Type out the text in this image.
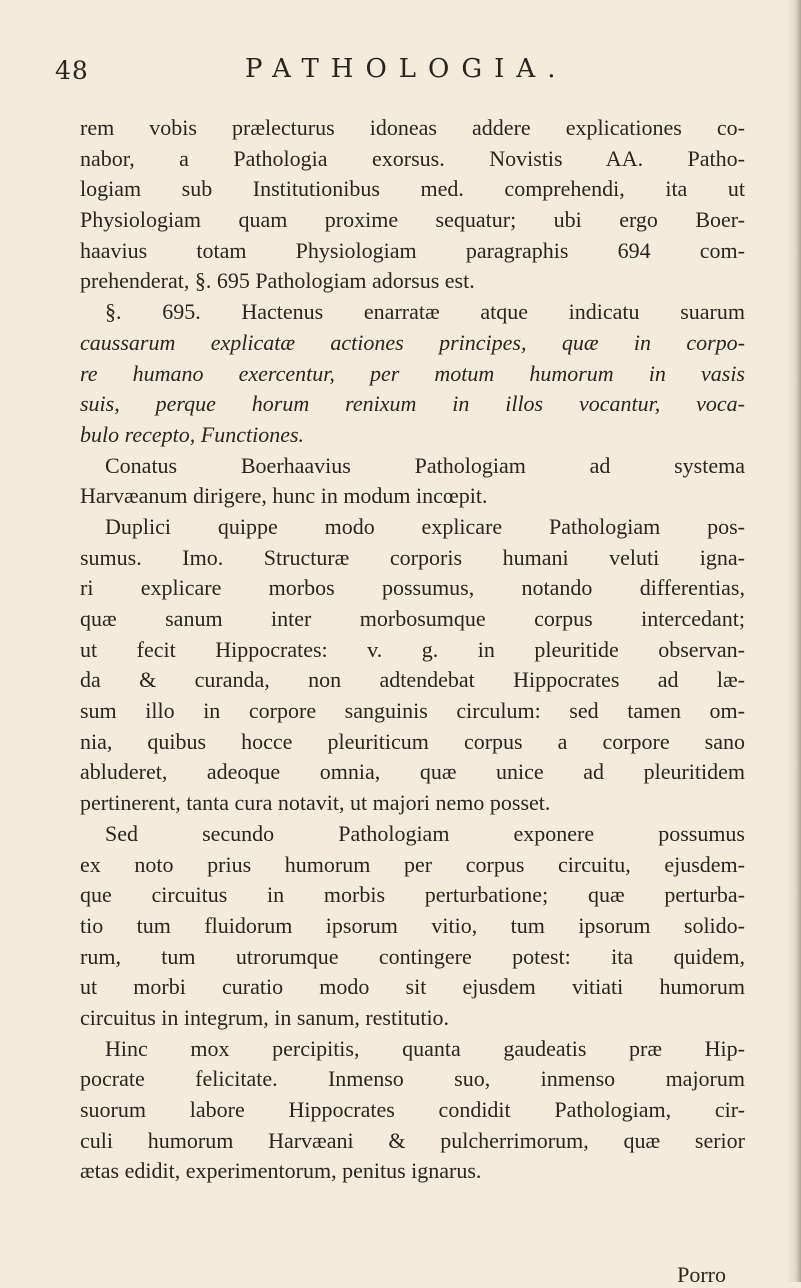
48	PATHOLOGIA.
rem vobis prælecturus idoneas addere explicationes co-
nabor, a Pathologia exorsus. Novistis AA. Patho-
logiam sub Institutionibus med. comprehendi, ita ut
Physiologiam quam proxime sequatur; ubi ergo Boer-
haavius totam Physiologiam paragraphis 694 com-
prehenderat, §. 695 Pathologiam adorsus est.
§. 695. Hactenus enarratæ atque indicatu suarum
caussarum explicatæ actiones principes, quæ in corpo-
re humano exercentur, per motum humorum in vasis
suis, perque horum renixum in illos vocantur, voca-
bulo recepto, Functiones.
Conatus Boerhaavius Pathologiam ad systema
Harvæanum dirigere, hunc in modum incœpit.
Duplici quippe modo explicare Pathologiam pos-
sumus. Imo. Structuræ corporis humani veluti igna-
ri explicare morbos possumus, notando differentias,
quæ sanum inter morbosumque corpus intercedant;
ut fecit Hippocrates: v. g. in pleuritide observan-
da & curanda, non adtendebat Hippocrates ad læ-
sum illo in corpore sanguinis circulum: sed tamen om-
nia, quibus hocce pleuriticum corpus a corpore sano
abluderet, adeoque omnia, quæ unice ad pleuritidem
pertinerent, tanta cura notavit, ut majori nemo posset.
Sed secundo Pathologiam exponere possumus
ex noto prius humorum per corpus circuitu, ejusdem-
que circuitus in morbis perturbatione; quæ perturba-
tio tum fluidorum ipsorum vitio, tum ipsorum solido-
rum, tum utrorumque contingere potest: ita quidem,
ut morbi curatio modo sit ejusdem vitiati humorum
circuitus in integrum, in sanum, restitutio.
Hinc mox percipitis, quanta gaudeatis præ Hip-
pocrate felicitate. Inmenso suo, inmenso majorum
suorum labore Hippocrates condidit Pathologiam, cir-
culi humorum Harvæani & pulcherrimorum, quæ serior
ætas edidit, experimentorum, penitus ignarus.
Porro
